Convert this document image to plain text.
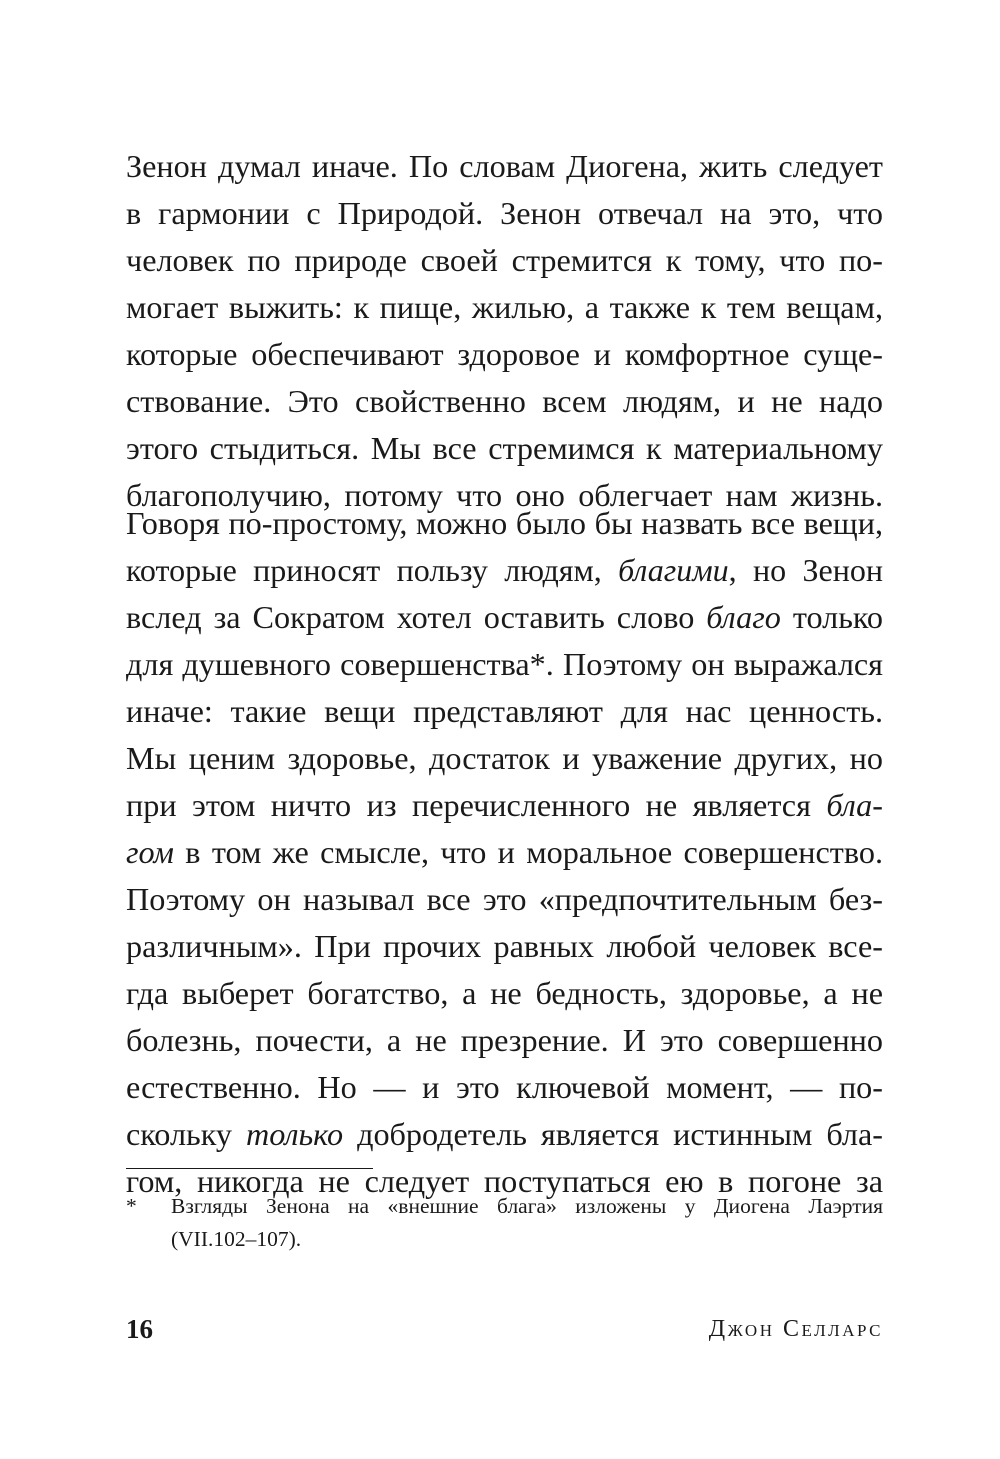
Зенон думал иначе. По словам Диогена, жить следует
в гармонии с Природой. Зенон отвечал на это, что
человек по природе своей стремится к тому, что по-
могает выжить: к пище, жилью, а также к тем вещам,
которые обеспечивают здоровое и комфортное суще-
ствование. Это свойственно всем людям, и не надо
этого стыдиться. Мы все стремимся к материальному
благополучию, потому что оно облегчает нам жизнь.
Говоря по-простому, можно было бы назвать все вещи,
которые приносят пользу людям, благими, но Зенон
вслед за Сократом хотел оставить слово благо только
для душевного совершенства*. Поэтому он выражался
иначе: такие вещи представляют для нас ценность.
Мы ценим здоровье, достаток и уважение других, но
при этом ничто из перечисленного не является бла-
гом в том же смысле, что и моральное совершенство.
Поэтому он называл все это «предпочтительным без-
различным». При прочих равных любой человек все-
гда выберет богатство, а не бедность, здоровье, а не
болезнь, почести, а не презрение. И это совершенно
естественно. Но — и это ключевой момент, — по-
скольку только добродетель является истинным бла-
гом, никогда не следует поступаться ею в погоне за
* Взгляды Зенона на «внешние блага» изложены у Диогена Лаэртия
(VII.102–107).
16	Джон Селларс
